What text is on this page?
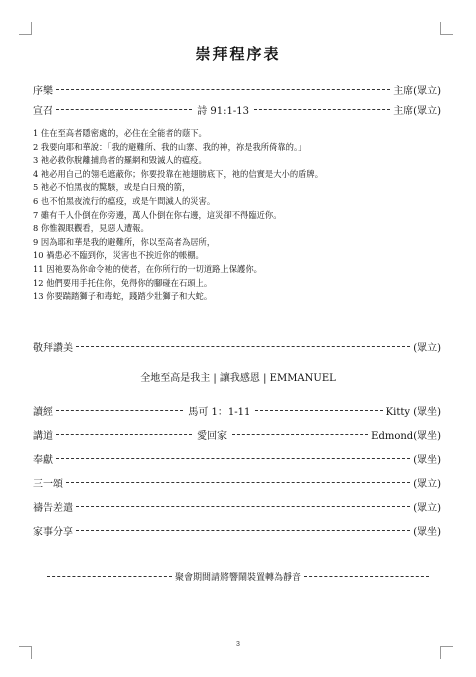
崇拜程序表
序樂	主席(眾立)
宣召	詩 91:1-13	主席(眾立)
1 住在至高者隱密處的，必住在全能者的蔭下。
2 我要向耶和華說：「我的避難所、我的山寨、我的神，祢是我所倚靠的。」
3 祂必救你脫離捕鳥者的羅網和毀滅人的瘟疫。
4 祂必用自己的翎毛遮蔽你；你要投靠在祂翅膀底下，祂的信實是大小的盾牌。
5 祂必不怕黑夜的驚駭，或是白日飛的箭，
6 也不怕黑夜流行的瘟疫，或是午間滅人的災害。
7 雖有千人仆倒在你旁邊，萬人仆倒在你右邊，這災卻不得臨近你。
8 你惟親眼觀看，見惡人遭報。
9 因為耶和華是我的避難所，你以至高者為居所，
10 禍患必不臨到你，災害也不挨近你的帳棚。
11 因祂要為你命令祂的使者，在你所行的一切道路上保護你。
12 他們要用手托住你，免得你的腳碰在石頭上。
13 你要踹踏獅子和毒蛇，踐踏少壯獅子和大蛇。
敬拜讚美	(眾立)
全地至高是我主 | 讓我感恩 | EMMANUEL
讀經	馬可 1：1-11	Kitty (眾坐)
講道	愛回家	Edmond(眾坐)
奉獻	(眾坐)
三一頌	(眾立)
禱告差遣	(眾立)
家事分享	(眾坐)
聚會期間請將響鬧裝置轉為靜音
3
